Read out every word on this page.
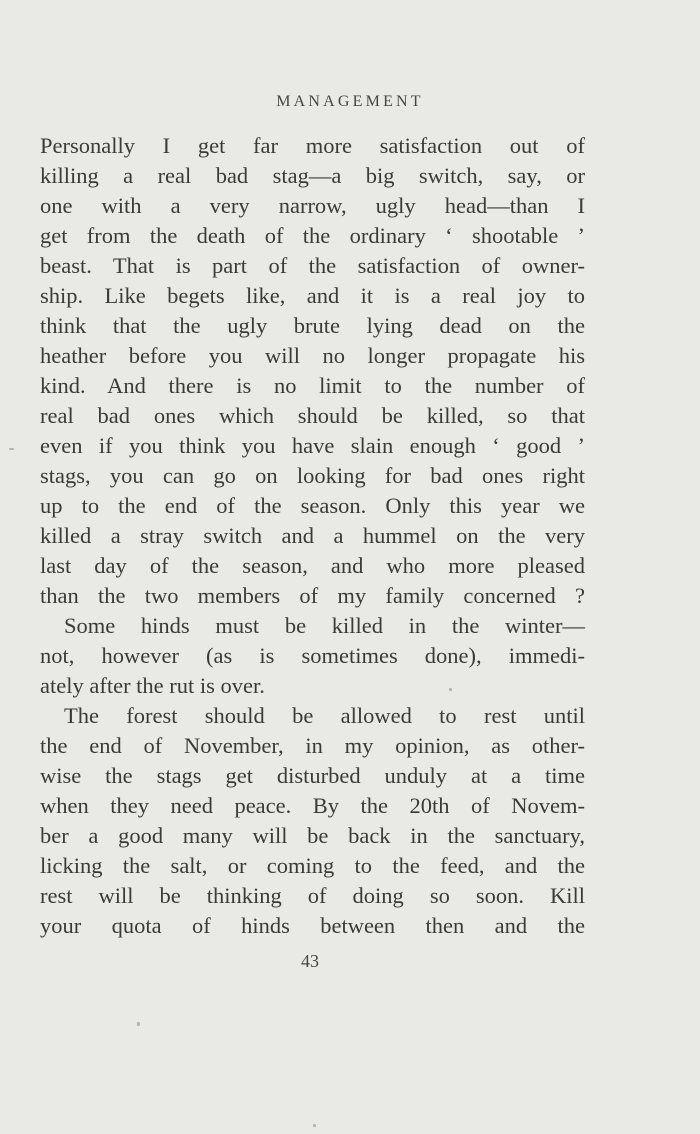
MANAGEMENT
Personally I get far more satisfaction out of
killing a real bad stag—a big switch, say, or
one with a very narrow, ugly head—than I
get from the death of the ordinary ‘ shootable ’
beast. That is part of the satisfaction of owner-
ship. Like begets like, and it is a real joy to
think that the ugly brute lying dead on the
heather before you will no longer propagate his
kind. And there is no limit to the number of
real bad ones which should be killed, so that
even if you think you have slain enough ‘ good ’
stags, you can go on looking for bad ones right
up to the end of the season. Only this year we
killed a stray switch and a hummel on the very
last day of the season, and who more pleased
than the two members of my family concerned ?
Some hinds must be killed in the winter—
not, however (as is sometimes done), immedi-
ately after the rut is over.
The forest should be allowed to rest until
the end of November, in my opinion, as other-
wise the stags get disturbed unduly at a time
when they need peace. By the 20th of Novem-
ber a good many will be back in the sanctuary,
licking the salt, or coming to the feed, and the
rest will be thinking of doing so soon. Kill
your quota of hinds between then and the
43
